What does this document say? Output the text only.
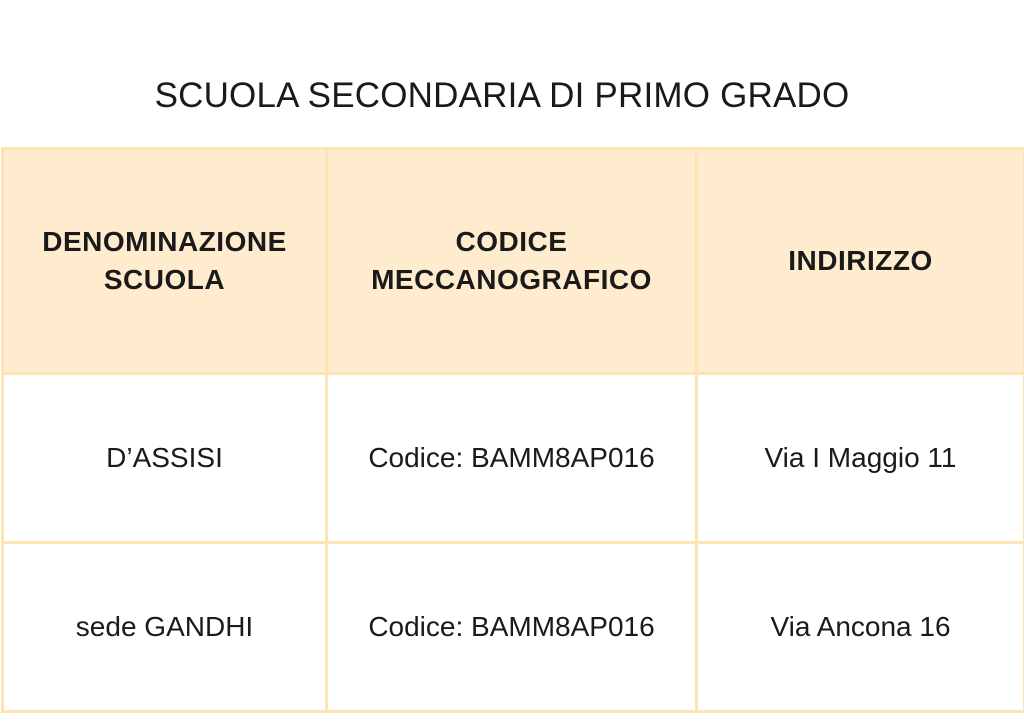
SCUOLA SECONDARIA DI PRIMO GRADO
DENOMINAZIONE SCUOLA	CODICE MECCANOGRAFICO	INDIRIZZO
D’ASSISI	Codice: BAMM8AP016	Via I Maggio 11
sede GANDHI	Codice: BAMM8AP016	Via Ancona 16
